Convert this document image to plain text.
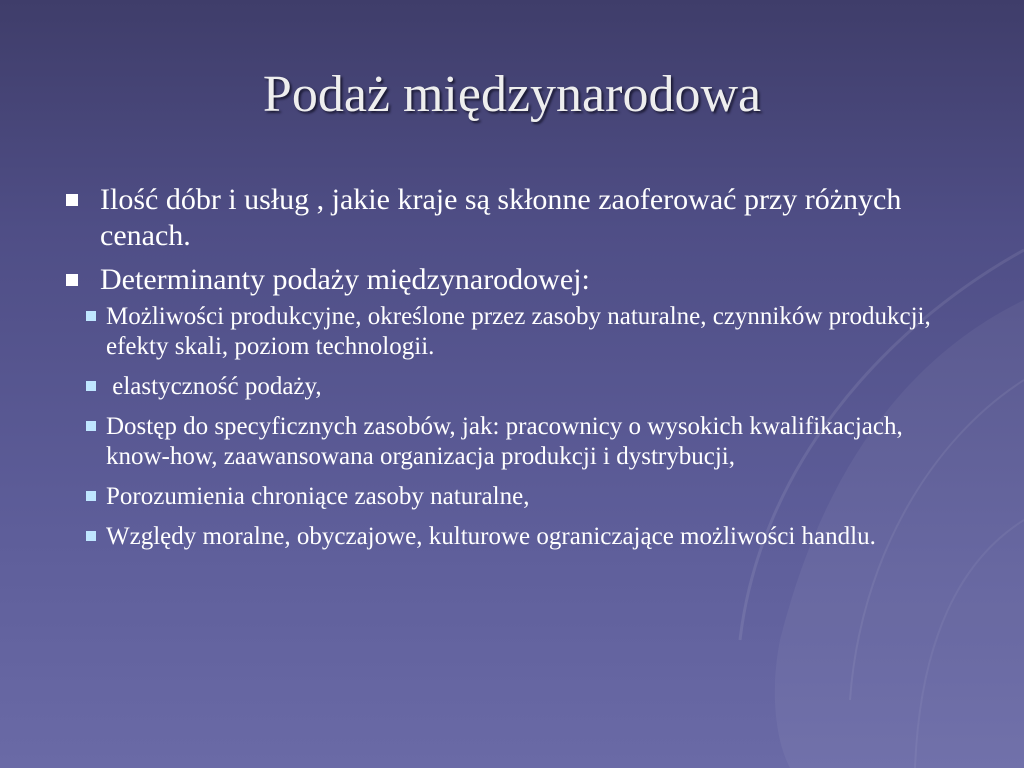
Podaż międzynarodowa
Ilość dóbr i usług , jakie kraje są skłonne zaoferować przy różnych cenach.
Determinanty podaży międzynarodowej:
Możliwości produkcyjne, określone przez zasoby naturalne, czynników produkcji, efekty skali, poziom technologii.
elastyczność podaży,
Dostęp do specyficznych zasobów, jak: pracownicy o wysokich kwalifikacjach, know-how, zaawansowana organizacja produkcji i dystrybucji,
Porozumienia chroniące zasoby naturalne,
Względy moralne, obyczajowe, kulturowe ograniczające możliwości handlu.
